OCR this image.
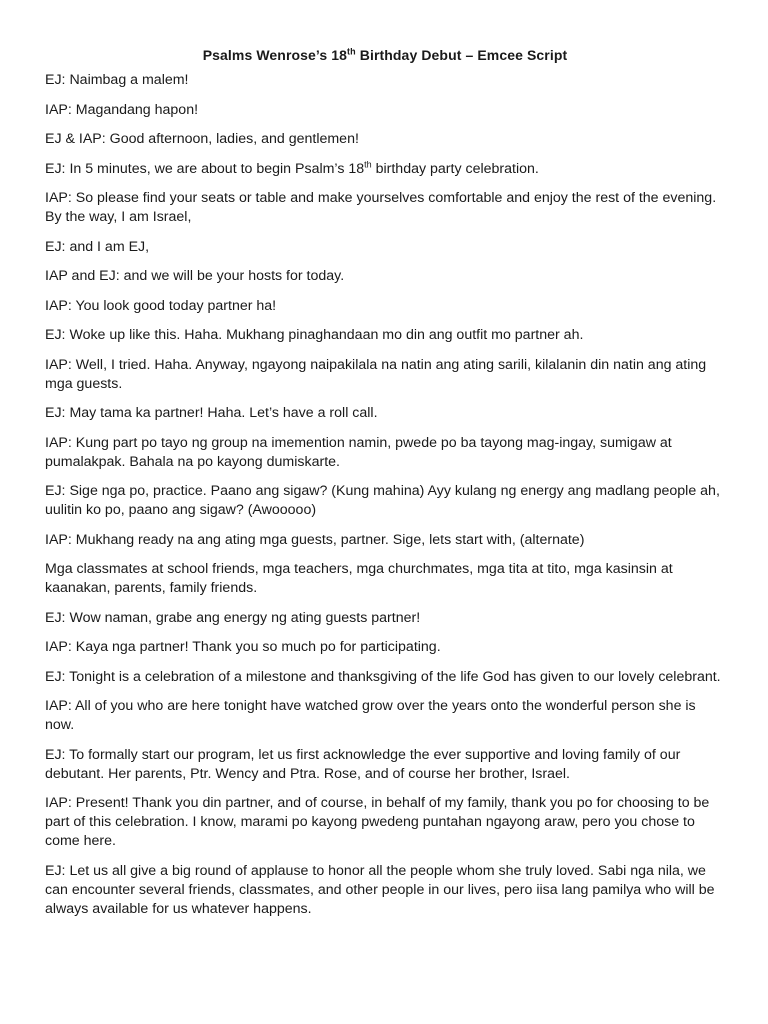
Psalms Wenrose’s 18th Birthday Debut – Emcee Script

EJ: Naimbag a malem!

IAP: Magandang hapon!

EJ & IAP: Good afternoon, ladies, and gentlemen!

EJ: In 5 minutes, we are about to begin Psalm’s 18th birthday party celebration.

IAP: So please find your seats or table and make yourselves comfortable and enjoy the rest of the evening. By the way, I am Israel,

EJ: and I am EJ,

IAP and EJ: and we will be your hosts for today.

IAP: You look good today partner ha!

EJ: Woke up like this. Haha. Mukhang pinaghandaan mo din ang outfit mo partner ah.

IAP: Well, I tried. Haha. Anyway, ngayong naipakilala na natin ang ating sarili, kilalanin din natin ang ating mga guests.

EJ: May tama ka partner! Haha. Let’s have a roll call.

IAP: Kung part po tayo ng group na imemention namin, pwede po ba tayong mag-ingay, sumigaw at pumalakpak. Bahala na po kayong dumiskarte.

EJ: Sige nga po, practice. Paano ang sigaw? (Kung mahina) Ayy kulang ng energy ang madlang people ah, uulitin ko po, paano ang sigaw? (Awooooo)

IAP: Mukhang ready na ang ating mga guests, partner. Sige, lets start with, (alternate)

Mga classmates at school friends, mga teachers, mga churchmates, mga tita at tito, mga kasinsin at kaanakan, parents, family friends.

EJ: Wow naman, grabe ang energy ng ating guests partner!

IAP: Kaya nga partner! Thank you so much po for participating.

EJ: Tonight is a celebration of a milestone and thanksgiving of the life God has given to our lovely celebrant.

IAP: All of you who are here tonight have watched grow over the years onto the wonderful person she is now.

EJ: To formally start our program, let us first acknowledge the ever supportive and loving family of our debutant. Her parents, Ptr. Wency and Ptra. Rose, and of course her brother, Israel.

IAP: Present! Thank you din partner, and of course, in behalf of my family, thank you po for choosing to be part of this celebration. I know, marami po kayong pwedeng puntahan ngayong araw, pero you chose to come here.

EJ: Let us all give a big round of applause to honor all the people whom she truly loved. Sabi nga nila, we can encounter several friends, classmates, and other people in our lives, pero iisa lang pamilya who will be always available for us whatever happens.
